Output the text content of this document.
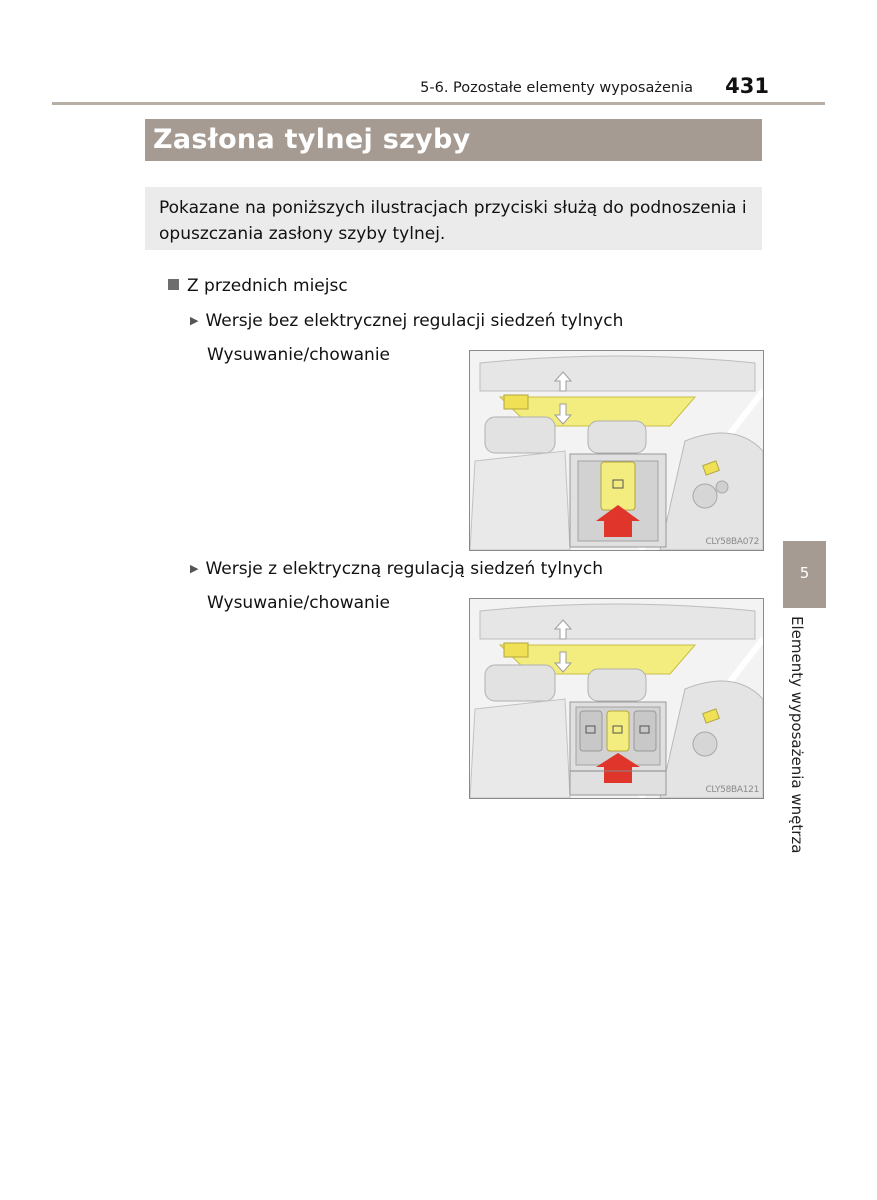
5-6. Pozostałe elementy wyposażenia 431
Zasłona tylnej szyby
Pokazane na poniższych ilustracjach przyciski służą do podnoszenia i opuszczania zasłony szyby tylnej.
Z przednich miejsc
▶ Wersje bez elektrycznej regulacji siedzeń tylnych
Wysuwanie/chowanie
CLY58BA072
▶ Wersje z elektryczną regulacją siedzeń tylnych
Wysuwanie/chowanie
CLY58BA121
5
Elementy wyposażenia wnętrza
